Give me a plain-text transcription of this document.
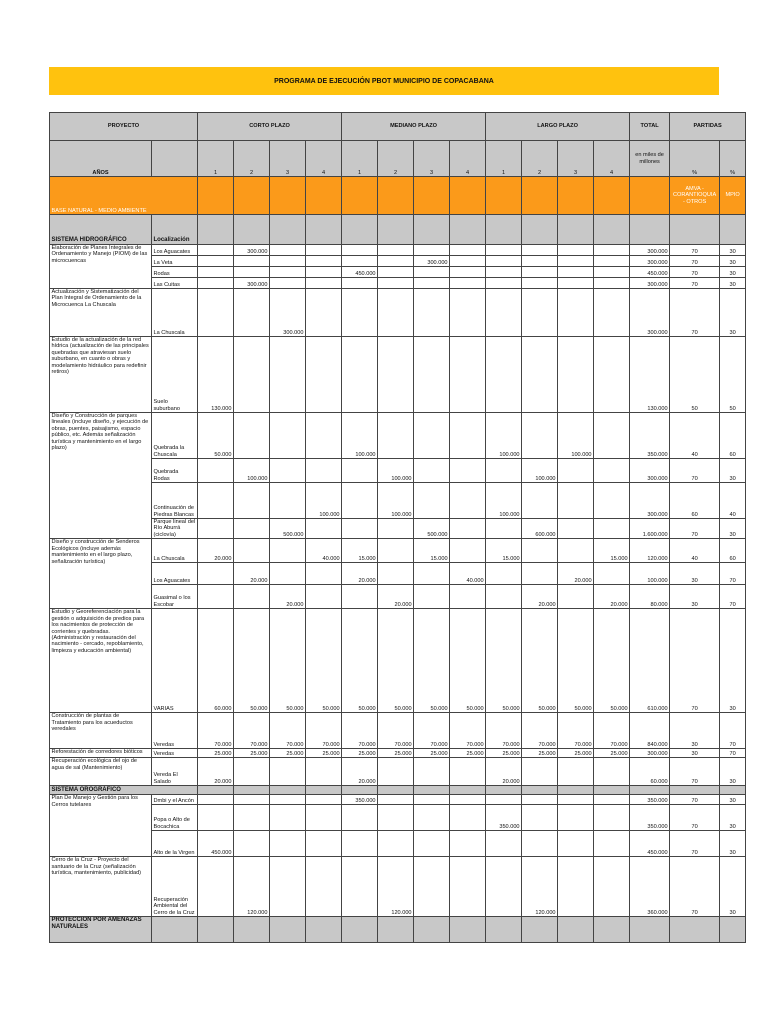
PROGRAMA DE EJECUCIÓN PBOT MUNICIPIO DE COPACABANA
PROYECTO		CORTO PLAZO				MEDIANO PLAZO				LARGO PLAZO				TOTAL	PARTIDAS	
AÑOS		1	2	3	4	1	2	3	4	1	2	3	4	en miles de millones	%	%
BASE NATURAL - MEDIO AMBIENTE															AMVA - CORANTIOQUIA - OTROS	MPIO
SISTEMA HIDROGRÁFICO	Localización															
Elaboración de Planes Integrales de Ordenamiento y Manejo (PIOM) de las microcuencas	Los Aguacates		300.000											300.000	70	30
	La Veta							300.000						300.000	70	30
	Rodas					450.000								450.000	70	30
	Las Cuitas		300.000											300.000	70	30
Actualización y Sistematización del Plan Integral de Ordenamiento de la Microcuenca La Chuscala	La Chuscala			300.000										300.000	70	30
Estudio de la actualización de la red hídrica (actualización de las principales quebradas que atraviesan suelo suburbano, en cuanto o obras y modelamiento hidráulico para redefinir retiros)	Suelo suburbano	130.000												130.000	50	50
Diseño y Construcción de parques lineales (incluye diseño, y ejecución de obras, puentes, paisajismo, espacio público, etc. Además señalización turística y mantenimiento en el largo plazo)	Quebrada la Chuscala	50.000				100.000				100.000		100.000		350.000	40	60
	Quebrada Rodas		100.000				100.000				100.000			300.000	70	30
	Continuación de Piedras Blancas				100.000		100.000			100.000				300.000	60	40
	Parque lineal del Río Aburrá (ciclovía)			500.000				500.000			600.000			1.600.000	70	30
Diseño y construcción de Senderos Ecológicos (incluye además mantenimiento en el largo plazo, señalización turística)	La Chuscala	20.000			40.000	15.000		15.000		15.000			15.000	120.000	40	60
	Los Aguacates		20.000			20.000			40.000			20.000		100.000	30	70
	Guasimal o los Escobar			20.000			20.000				20.000		20.000	80.000	30	70
Estudio y Georeferenciación para la gestión o adquisición de predios para los nacimientos de protección de corrientes y quebradas. (Administración y restauración del nacimiento - cercado, repoblamiento, limpieza y educación ambiental)	VARIAS	60.000	50.000	50.000	50.000	50.000	50.000	50.000	50.000	50.000	50.000	50.000	50.000	610.000	70	30
Construcción de plantas de Tratamiento para los acueductos veredales	Veredas	70.000	70.000	70.000	70.000	70.000	70.000	70.000	70.000	70.000	70.000	70.000	70.000	840.000	30	70
Reforestación de corredores bióticos	Veredas	25.000	25.000	25.000	25.000	25.000	25.000	25.000	25.000	25.000	25.000	25.000	25.000	300.000	30	70
Recuperación ecológica del ojo de agua de sal (Mantenimiento)	Vereda El Salado	20.000				20.000				20.000				60.000	70	30
SISTEMA OROGRÁFICO																
Plan De Manejo y Gestión para los Cerros tutelares	Dmbi y el Ancón					350.000								350.000	70	30
	Popa o Alto de Bocachica									350.000				350.000	70	30
	Alto de la Virgen	450.000												450.000	70	30
Cerro de la Cruz - Proyecto del santuario de la Cruz (señalización turística, mantenimiento, publicidad)	Recuperación Ambiental del Cerro de la Cruz		120.000				120.000				120.000			360.000	70	30
PROTECCIÓN POR AMENAZAS NATURALES																
